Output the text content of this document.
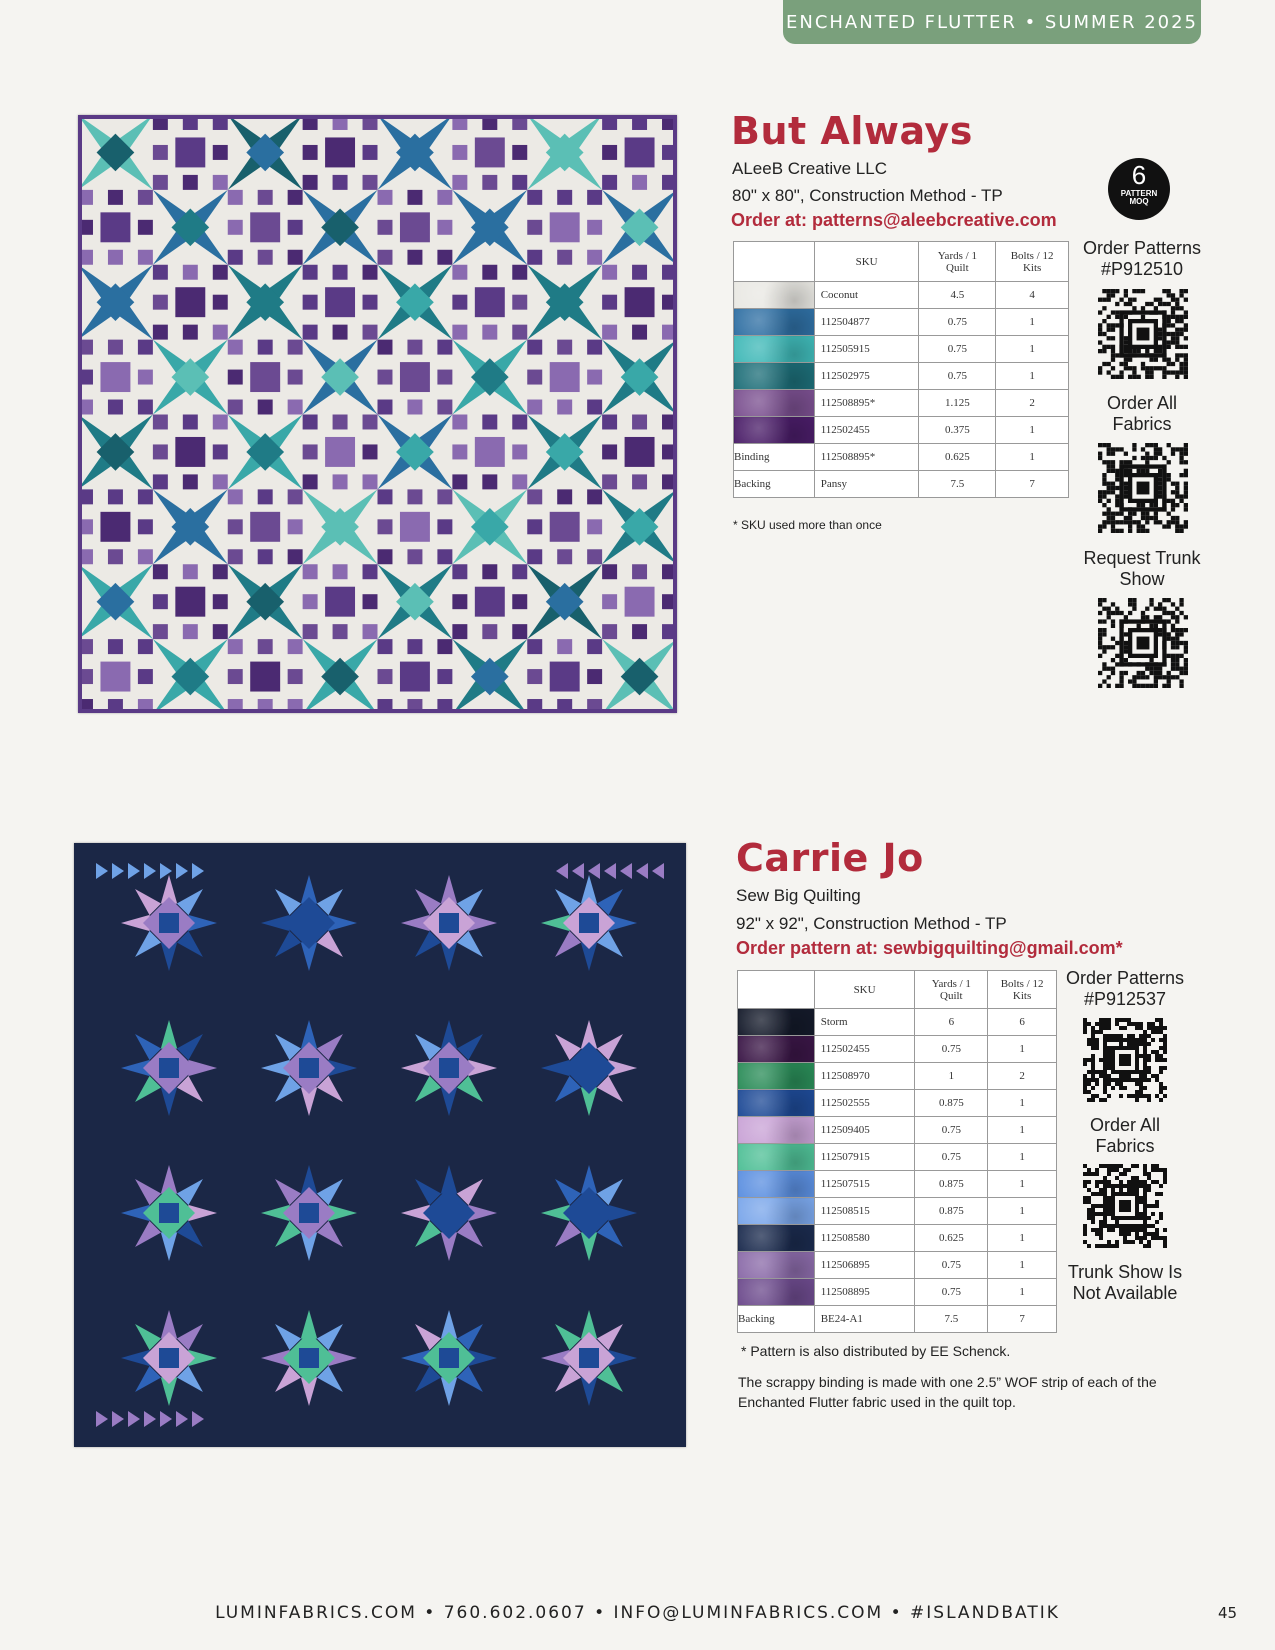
ENCHANTED FLUTTER • SUMMER 2025
But Always
ALeeB Creative LLC
80" x 80", Construction Method - TP
Order at: patterns@aleebcreative.com
6
PATTERN
MOQ
	SKU	Yards / 1 Quilt	Bolts / 12 Kits
	Coconut	4.5	4
	112504877	0.75	1
	112505915	0.75	1
	112502975	0.75	1
	112508895*	1.125	2
	112502455	0.375	1
Binding	112508895*	0.625	1
Backing	Pansy	7.5	7
* SKU used more than once
Order Patterns
#P912510
Order All
Fabrics
Request Trunk
Show
Carrie Jo
Sew Big Quilting
92" x 92", Construction Method - TP
Order pattern at: sewbigquilting@gmail.com*
	SKU	Yards / 1 Quilt	Bolts / 12 Kits
	Storm	6	6
	112502455	0.75	1
	112508970	1	2
	112502555	0.875	1
	112509405	0.75	1
	112507915	0.75	1
	112507515	0.875	1
	112508515	0.875	1
	112508580	0.625	1
	112506895	0.75	1
	112508895	0.75	1
Backing	BE24-A1	7.5	7
* Pattern is also distributed by EE Schenck.
The scrappy binding is made with one 2.5” WOF strip of each of the Enchanted Flutter fabric used in the quilt top.
Order Patterns
#P912537
Order All
Fabrics
Trunk Show Is
Not Available
LUMINFABRICS.COM • 760.602.0607 • INFO@LUMINFABRICS.COM • #ISLANDBATIK	45
